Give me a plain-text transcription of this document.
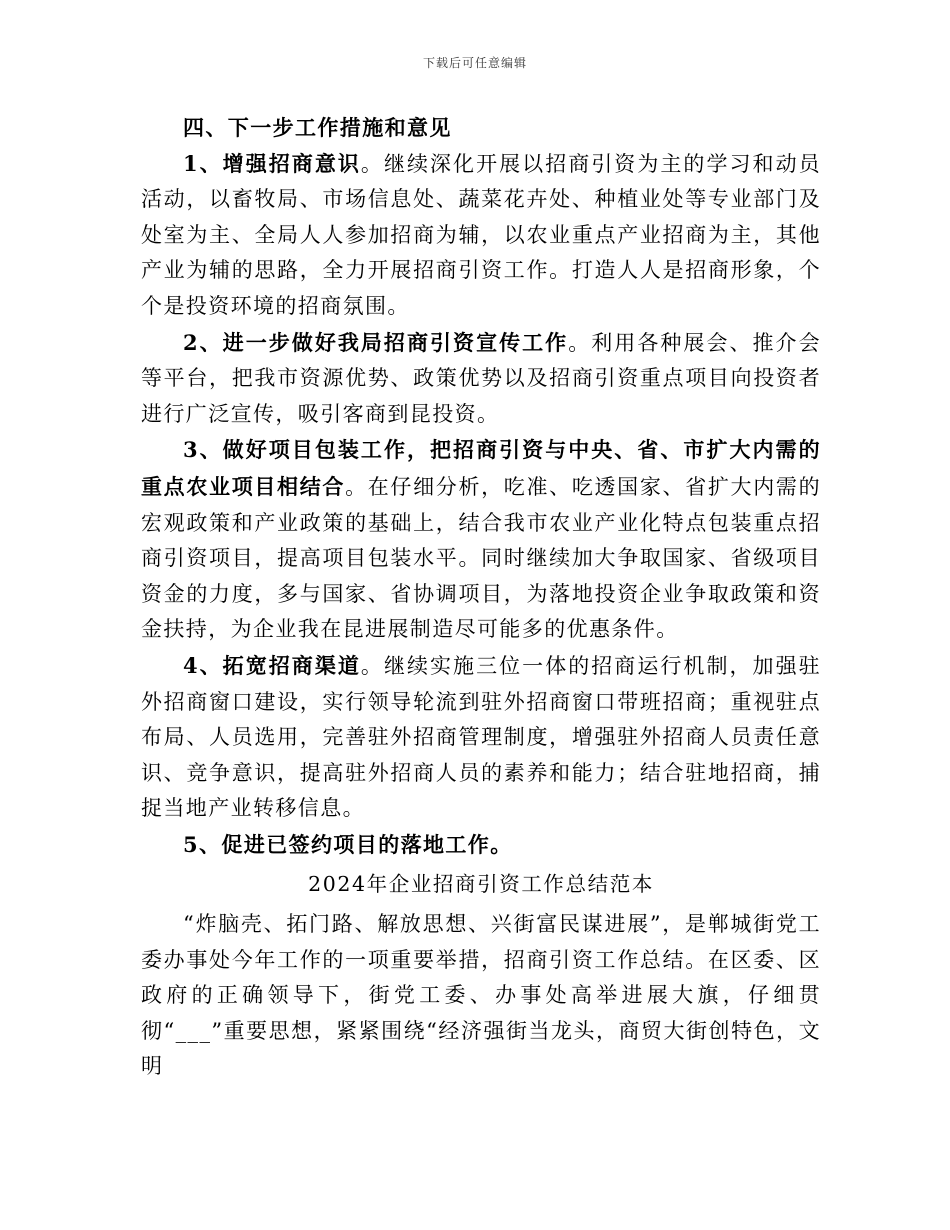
下载后可任意编辑

四、下一步工作措施和意见

1、增强招商意识。继续深化开展以招商引资为主的学习和动员活动，以畜牧局、市场信息处、蔬菜花卉处、种植业处等专业部门及处室为主、全局人人参加招商为辅，以农业重点产业招商为主，其他产业为辅的思路，全力开展招商引资工作。打造人人是招商形象，个个是投资环境的招商氛围。

2、进一步做好我局招商引资宣传工作。利用各种展会、推介会等平台，把我市资源优势、政策优势以及招商引资重点项目向投资者进行广泛宣传，吸引客商到昆投资。

3、做好项目包装工作，把招商引资与中央、省、市扩大内需的重点农业项目相结合。在仔细分析，吃准、吃透国家、省扩大内需的宏观政策和产业政策的基础上，结合我市农业产业化特点包装重点招商引资项目，提高项目包装水平。同时继续加大争取国家、省级项目资金的力度，多与国家、省协调项目，为落地投资企业争取政策和资金扶持，为企业我在昆进展制造尽可能多的优惠条件。

4、拓宽招商渠道。继续实施三位一体的招商运行机制，加强驻外招商窗口建设，实行领导轮流到驻外招商窗口带班招商；重视驻点布局、人员选用，完善驻外招商管理制度，增强驻外招商人员责任意识、竞争意识，提高驻外招商人员的素养和能力；结合驻地招商，捕捉当地产业转移信息。

5、促进已签约项目的落地工作。

2024年企业招商引资工作总结范本

“炸脑壳、拓门路、解放思想、兴街富民谋进展”，是郸城街党工委办事处今年工作的一项重要举措，招商引资工作总结。在区委、区政府的正确领导下，街党工委、办事处高举进展大旗，仔细贯彻“___”重要思想，紧紧围绕“经济强街当龙头，商贸大街创特色，文明
